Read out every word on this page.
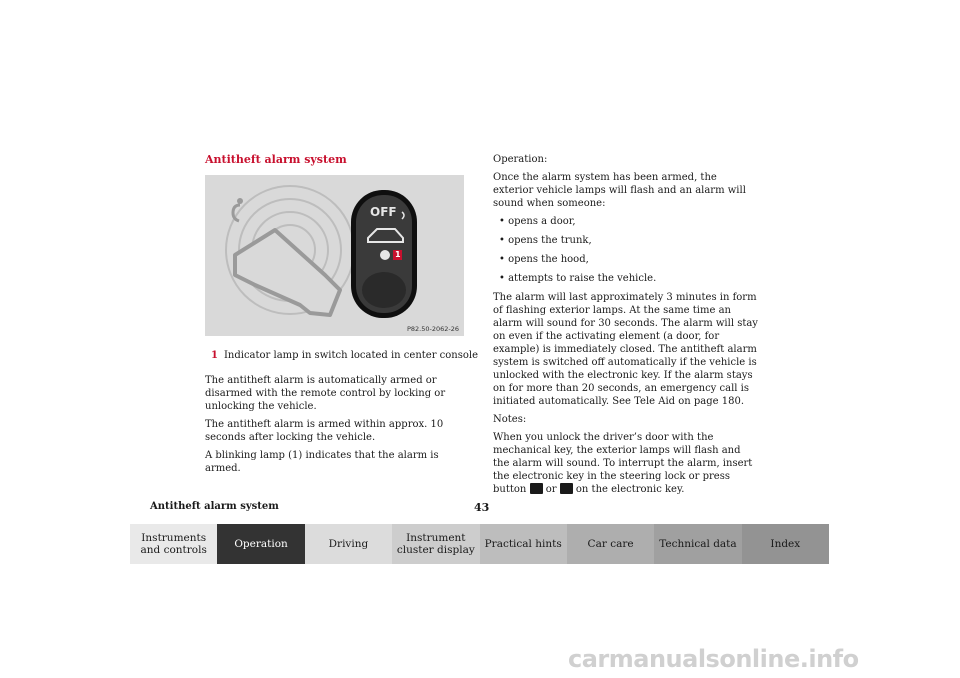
Antitheft alarm system
OFF
1
P82.50-2062-26
1 Indicator lamp in switch located in center console

The antitheft alarm is automatically armed or disarmed with the remote control by locking or unlocking the vehicle.

The antitheft alarm is armed within approx. 10 seconds after locking the vehicle.

A blinking lamp (1) indicates that the alarm is armed.

Operation:

Once the alarm system has been armed, the exterior vehicle lamps will flash and an alarm will sound when someone:

• opens a door,
• opens the trunk,
• opens the hood,
• attempts to raise the vehicle.

The alarm will last approximately 3 minutes in form of flashing exterior lamps. At the same time an alarm will sound for 30 seconds. The alarm will stay on even if the activating element (a door, for example) is immediately closed. The antitheft alarm system is switched off automatically if the vehicle is unlocked with the electronic key. If the alarm stays on for more than 20 seconds, an emergency call is initiated automatically. See Tele Aid on page 180.

Notes:

When you unlock the driver’s door with the mechanical key, the exterior lamps will flash and the alarm will sound. To interrupt the alarm, insert the electronic key in the steering lock or press button or on the electronic key.

Antitheft alarm system	43
Instruments and controls	Operation	Driving	Instrument cluster display Practical hints	Car care	Technical data	Index
carmanualsonline.info
